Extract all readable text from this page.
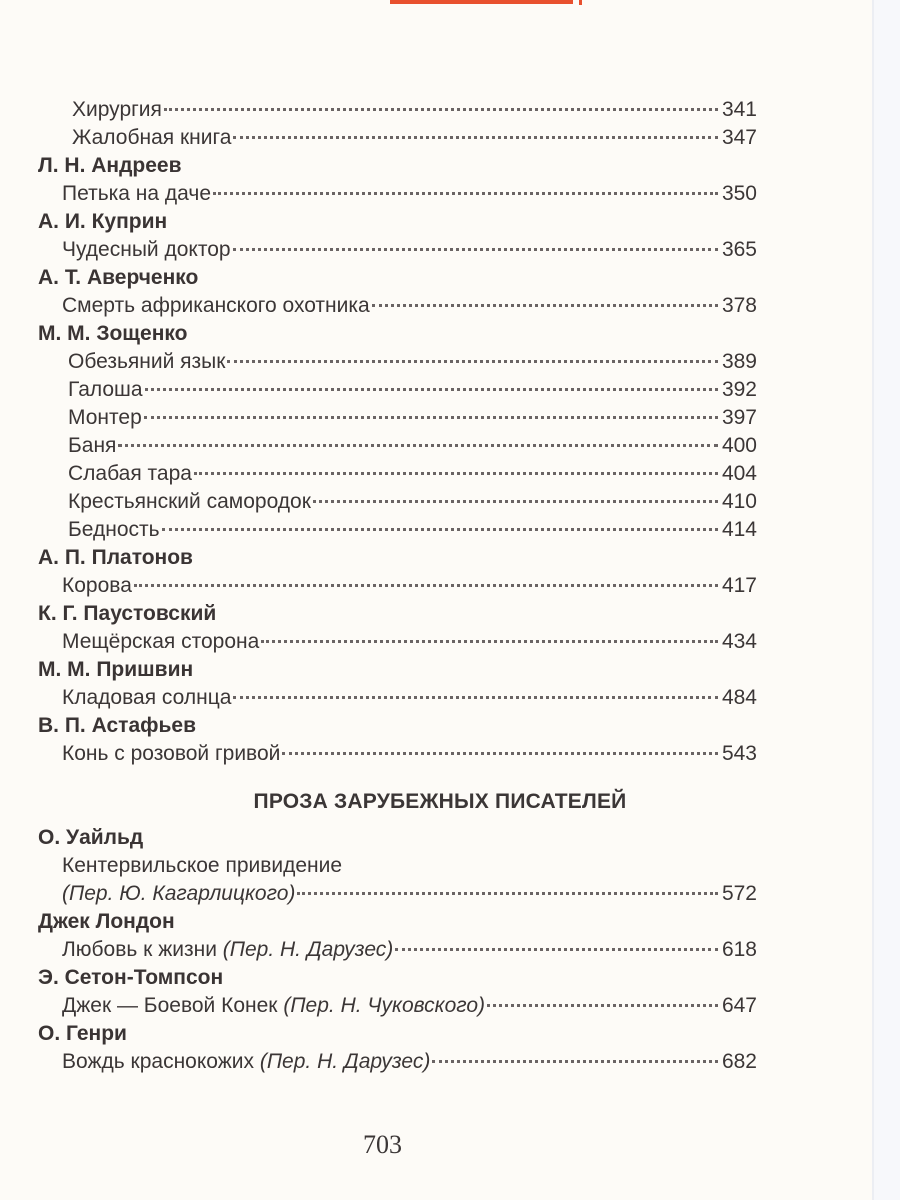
Хирургия	341
Жалобная книга	347
Л. Н. Андреев
Петька на даче	350
А. И. Куприн
Чудесный доктор	365
А. Т. Аверченко
Смерть африканского охотника	378
М. М. Зощенко
Обезьяний язык	389
Галоша	392
Монтер	397
Баня	400
Слабая тара	404
Крестьянский самородок	410
Бедность	414
А. П. Платонов
Корова	417
К. Г. Паустовский
Мещёрская сторона	434
М. М. Пришвин
Кладовая солнца	484
В. П. Астафьев
Конь с розовой гривой	543
ПРОЗА ЗАРУБЕЖНЫХ ПИСАТЕЛЕЙ
О. Уайльд
Кентервильское привидение
(Пер. Ю. Кагарлицкого)	572
Джек Лондон
Любовь к жизни (Пер. Н. Дарузес)	618
Э. Сетон-Томпсон
Джек — Боевой Конек (Пер. Н. Чуковского)	647
О. Генри
Вождь краснокожих (Пер. Н. Дарузес)	682
703
